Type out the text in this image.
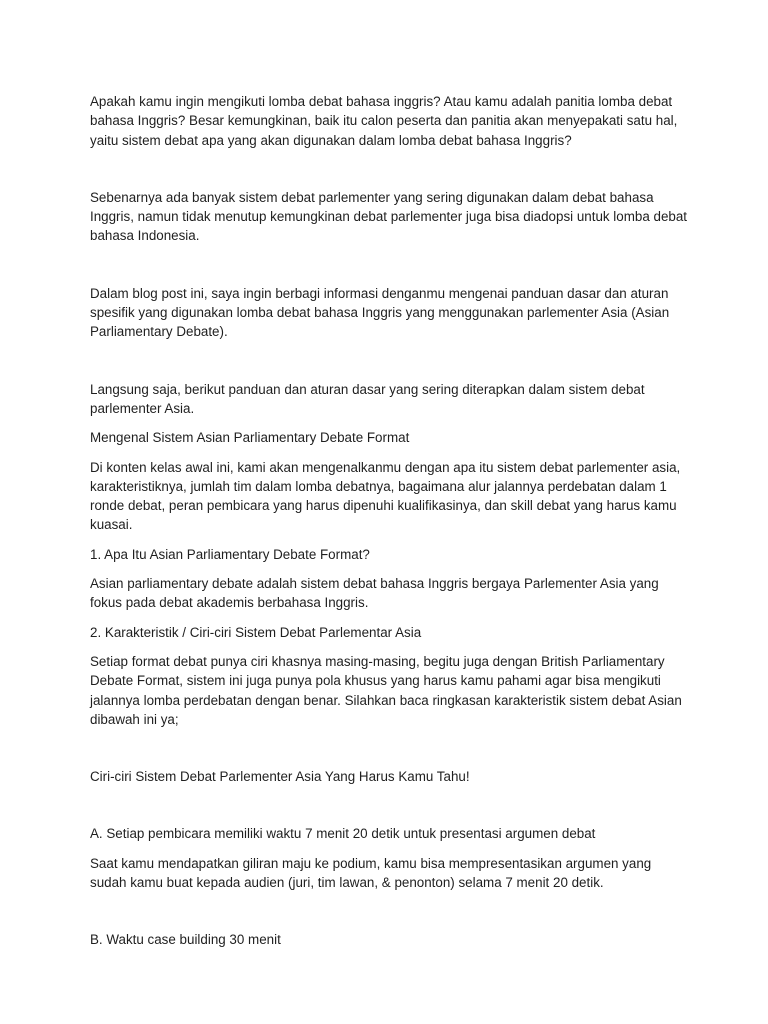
Apakah kamu ingin mengikuti lomba debat bahasa inggris? Atau kamu adalah panitia lomba debat bahasa Inggris? Besar kemungkinan, baik itu calon peserta dan panitia akan menyepakati satu hal, yaitu sistem debat apa yang akan digunakan dalam lomba debat bahasa Inggris?

Sebenarnya ada banyak sistem debat parlementer yang sering digunakan dalam debat bahasa Inggris, namun tidak menutup kemungkinan debat parlementer juga bisa diadopsi untuk lomba debat bahasa Indonesia.

Dalam blog post ini, saya ingin berbagi informasi denganmu mengenai panduan dasar dan aturan spesifik yang digunakan lomba debat bahasa Inggris yang menggunakan parlementer Asia (Asian Parliamentary Debate).

Langsung saja, berikut panduan dan aturan dasar yang sering diterapkan dalam sistem debat parlementer Asia.

Mengenal Sistem Asian Parliamentary Debate Format

Di konten kelas awal ini, kami akan mengenalkanmu dengan apa itu sistem debat parlementer asia, karakteristiknya, jumlah tim dalam lomba debatnya, bagaimana alur jalannya perdebatan dalam 1 ronde debat, peran pembicara yang harus dipenuhi kualifikasinya, dan skill debat yang harus kamu kuasai.

1. Apa Itu Asian Parliamentary Debate Format?

Asian parliamentary debate adalah sistem debat bahasa Inggris bergaya Parlementer Asia yang fokus pada debat akademis berbahasa Inggris.

2. Karakteristik / Ciri-ciri Sistem Debat Parlementar Asia

Setiap format debat punya ciri khasnya masing-masing, begitu juga dengan British Parliamentary Debate Format, sistem ini juga punya pola khusus yang harus kamu pahami agar bisa mengikuti jalannya lomba perdebatan dengan benar. Silahkan baca ringkasan karakteristik sistem debat Asian dibawah ini ya;

Ciri-ciri Sistem Debat Parlementer Asia Yang Harus Kamu Tahu!

A. Setiap pembicara memiliki waktu 7 menit 20 detik untuk presentasi argumen debat

Saat kamu mendapatkan giliran maju ke podium, kamu bisa mempresentasikan argumen yang sudah kamu buat kepada audien (juri, tim lawan, & penonton) selama 7 menit 20 detik.

B. Waktu case building 30 menit
